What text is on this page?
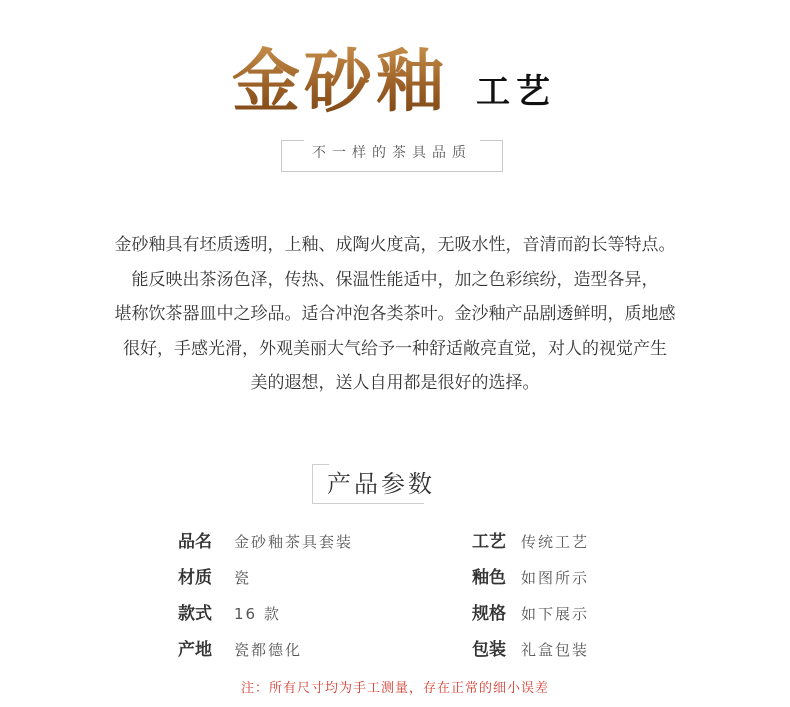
金砂釉 工艺
不一样的茶具品质

金砂釉具有坯质透明，上釉、成陶火度高，无吸水性，音清而韵长等特点。

能反映出茶汤色泽，传热、保温性能适中，加之色彩缤纷，造型各异，

堪称饮茶器皿中之珍品。适合冲泡各类茶叶。金沙釉产品剧透鲜明，质地感

很好，手感光滑，外观美丽大气给予一种舒适敞亮直觉，对人的视觉产生

美的遐想，送人自用都是很好的选择。

产品参数
品名 金砂釉茶具套装	工艺 传统工艺
材质 瓷	釉色 如图所示
款式 16 款	规格 如下展示
产地 瓷都德化	包装 礼盒包装
注：所有尺寸均为手工测量，存在正常的细小误差
